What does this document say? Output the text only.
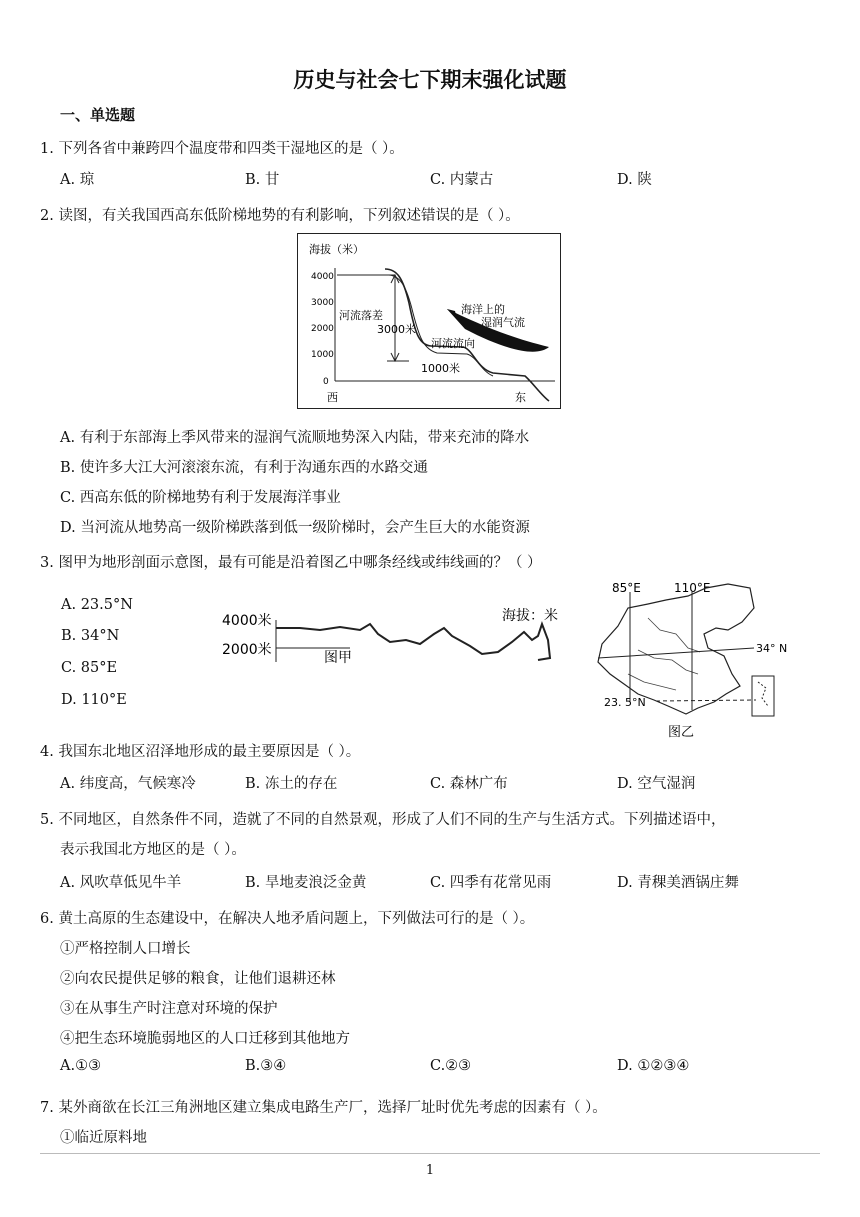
历史与社会七下期末强化试题
一、单选题
1. 下列各省中兼跨四个温度带和四类干湿地区的是（ ）。
A. 琼	B. 甘	C. 内蒙古	D. 陕
2. 读图，有关我国西高东低阶梯地势的有利影响，下列叙述错误的是（ ）。
海拔（米）
4000
3000
2000
1000
0
河流落差
3000米
河流流向
1000米
海洋上的
湿润气流
西	东
A. 有利于东部海上季风带来的湿润气流顺地势深入内陆，带来充沛的降水
B. 使许多大江大河滚滚东流，有利于沟通东西的水路交通
C. 西高东低的阶梯地势有利于发展海洋事业
D. 当河流从地势高一级阶梯跌落到低一级阶梯时，会产生巨大的水能资源
3. 图甲为地形剖面示意图，最有可能是沿着图乙中哪条经线或纬线画的？（ ）
A. 23.5°N
B. 34°N
C. 85°E
D. 110°E
4000米
2000米	图甲
海拔：米
85°E	110°E
34° N
23. 5°N
图乙
4. 我国东北地区沼泽地形成的最主要原因是（ ）。
A. 纬度高，气候寒冷	B. 冻土的存在	C. 森林广布	D. 空气湿润
5. 不同地区，自然条件不同，造就了不同的自然景观，形成了人们不同的生产与生活方式。下列描述语中，
表示我国北方地区的是（ ）。
A. 风吹草低见牛羊	B. 旱地麦浪泛金黄	C. 四季有花常见雨	D. 青稞美酒锅庄舞
6. 黄土高原的生态建设中，在解决人地矛盾问题上，下列做法可行的是（ ）。
①严格控制人口增长
②向农民提供足够的粮食，让他们退耕还林
③在从事生产时注意对环境的保护
④把生态环境脆弱地区的人口迁移到其他地方
A.①③	B.③④	C.②③	D. ①②③④
7. 某外商欲在长江三角洲地区建立集成电路生产厂，选择厂址时优先考虑的因素有（ ）。
①临近原料地
1
